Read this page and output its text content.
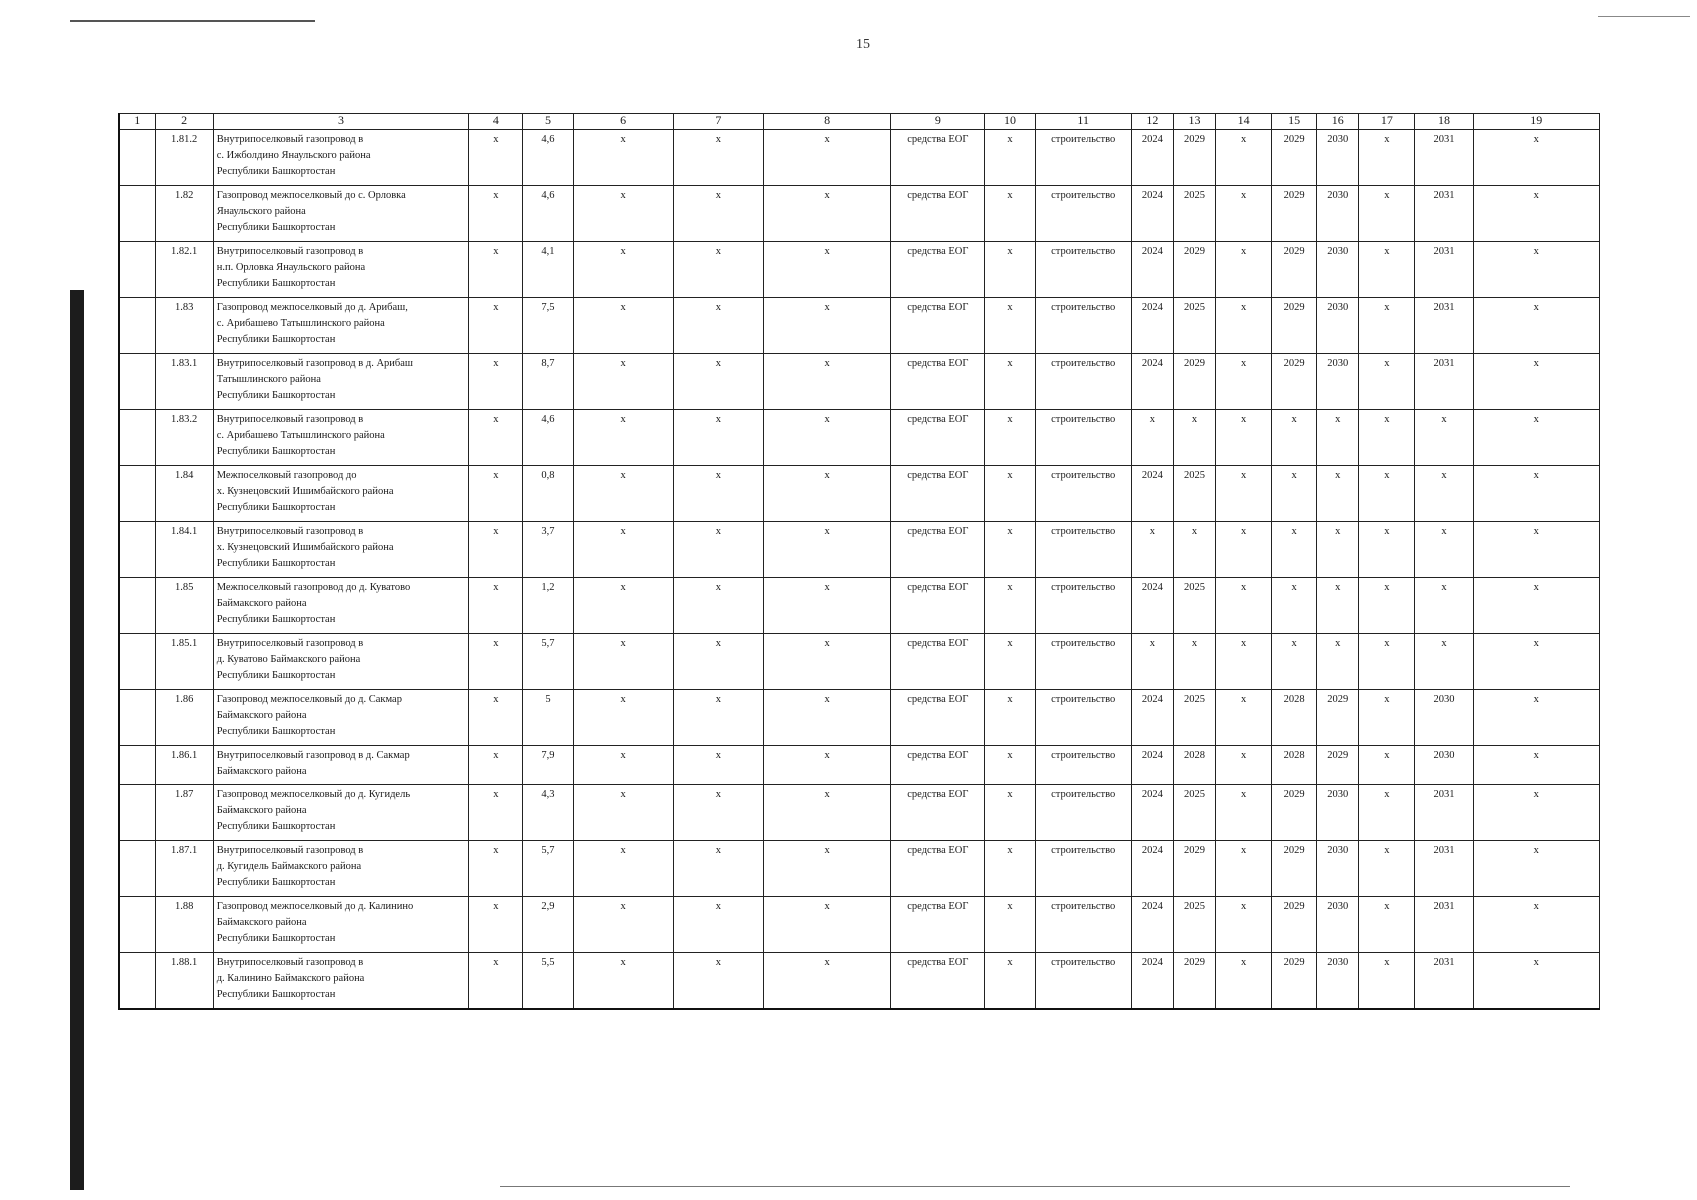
15
1	2	3	4	5	6	7	8	9	10	11	12	13	14	15	16	17	18	19
	1.81.2	Внутрипоселковый газопровод в
с. Ижболдино Янаульского района
Республики Башкортостан	х	4,6	х	х	х	средства ЕОГ	х	строительство	2024	2029	х	2029	2030	х	2031	х
	1.82	Газопровод межпоселковый до с. Орловка
Янаульского района
Республики Башкортостан	х	4,6	х	х	х	средства ЕОГ	х	строительство	2024	2025	х	2029	2030	х	2031	х
	1.82.1	Внутрипоселковый газопровод в
н.п. Орловка Янаульского района
Республики Башкортостан	х	4,1	х	х	х	средства ЕОГ	х	строительство	2024	2029	х	2029	2030	х	2031	х
	1.83	Газопровод межпоселковый до д. Арибаш,
с. Арибашево Татышлинского района
Республики Башкортостан	х	7,5	х	х	х	средства ЕОГ	х	строительство	2024	2025	х	2029	2030	х	2031	х
	1.83.1	Внутрипоселковый газопровод в д. Арибаш
Татышлинского района
Республики Башкортостан	х	8,7	х	х	х	средства ЕОГ	х	строительство	2024	2029	х	2029	2030	х	2031	х
	1.83.2	Внутрипоселковый газопровод в
с. Арибашево Татышлинского района
Республики Башкортостан	х	4,6	х	х	х	средства ЕОГ	х	строительство	х	х	х	х	х	х	х	х
	1.84	Межпоселковый газопровод до
х. Кузнецовский Ишимбайского района
Республики Башкортостан	х	0,8	х	х	х	средства ЕОГ	х	строительство	2024	2025	х	х	х	х	х	х
	1.84.1	Внутрипоселковый газопровод в
х. Кузнецовский Ишимбайского района
Республики Башкортостан	х	3,7	х	х	х	средства ЕОГ	х	строительство	х	х	х	х	х	х	х	х
	1.85	Межпоселковый газопровод до д. Куватово
Баймакского района
Республики Башкортостан	х	1,2	х	х	х	средства ЕОГ	х	строительство	2024	2025	х	х	х	х	х	х
	1.85.1	Внутрипоселковый газопровод в
д. Куватово Баймакского района
Республики Башкортостан	х	5,7	х	х	х	средства ЕОГ	х	строительство	х	х	х	х	х	х	х	х
	1.86	Газопровод межпоселковый до д. Сакмар
Баймакского района
Республики Башкортостан	х	5	х	х	х	средства ЕОГ	х	строительство	2024	2025	х	2028	2029	х	2030	х
	1.86.1	Внутрипоселковый газопровод в д. Сакмар
Баймакского района	х	7,9	х	х	х	средства ЕОГ	х	строительство	2024	2028	х	2028	2029	х	2030	х
	1.87	Газопровод межпоселковый до д. Кугидель
Баймакского района
Республики Башкортостан	х	4,3	х	х	х	средства ЕОГ	х	строительство	2024	2025	х	2029	2030	х	2031	х
	1.87.1	Внутрипоселковый газопровод в
д. Кугидель Баймакского района
Республики Башкортостан	х	5,7	х	х	х	средства ЕОГ	х	строительство	2024	2029	х	2029	2030	х	2031	х
	1.88	Газопровод межпоселковый до д. Калинино
Баймакского района
Республики Башкортостан	х	2,9	х	х	х	средства ЕОГ	х	строительство	2024	2025	х	2029	2030	х	2031	х
	1.88.1	Внутрипоселковый газопровод в
д. Калинино Баймакского района
Республики Башкортостан	х	5,5	х	х	х	средства ЕОГ	х	строительство	2024	2029	х	2029	2030	х	2031	х
